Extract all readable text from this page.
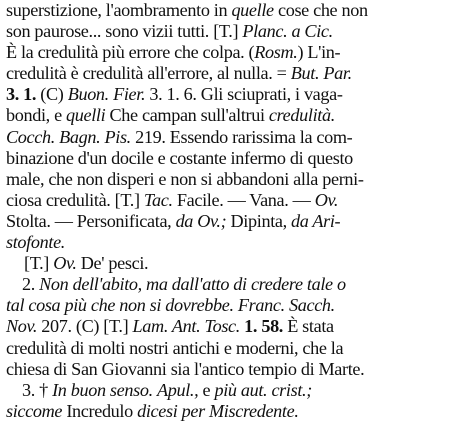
superstizione, l'aombramento in quelle cose che non
son paurose... sono vizii tutti. [T.] Planc. a Cic.
È la credulità più errore che colpa. (Rosm.) L'in-
credulità è credulità all'errore, al nulla. = But. Par.
3. 1. (C) Buon. Fier. 3. 1. 6. Gli sciuprati, i vaga-
bondi, e quelli Che campan sull'altrui credulità.
Cocch. Bagn. Pis. 219. Essendo rarissima la com-
binazione d'un docile e costante infermo di questo
male, che non disperi e non si abbandoni alla perni-
ciosa credulità. [T.] Tac. Facile. — Vana. — Ov.
Stolta. — Personificata, da Ov.; Dipinta, da Ari-
stofonte.
[T.] Ov. De' pesci.
2. Non dell'abito, ma dall'atto di credere tale o
tal cosa più che non si dovrebbe. Franc. Sacch.
Nov. 207. (C) [T.] Lam. Ant. Tosc. 1. 58. È stata
credulità di molti nostri antichi e moderni, che la
chiesa di San Giovanni sia l'antico tempio di Marte.
3. † In buon senso. Apul., e più aut. crist.;
siccome Incredulo dicesi per Miscredente.
